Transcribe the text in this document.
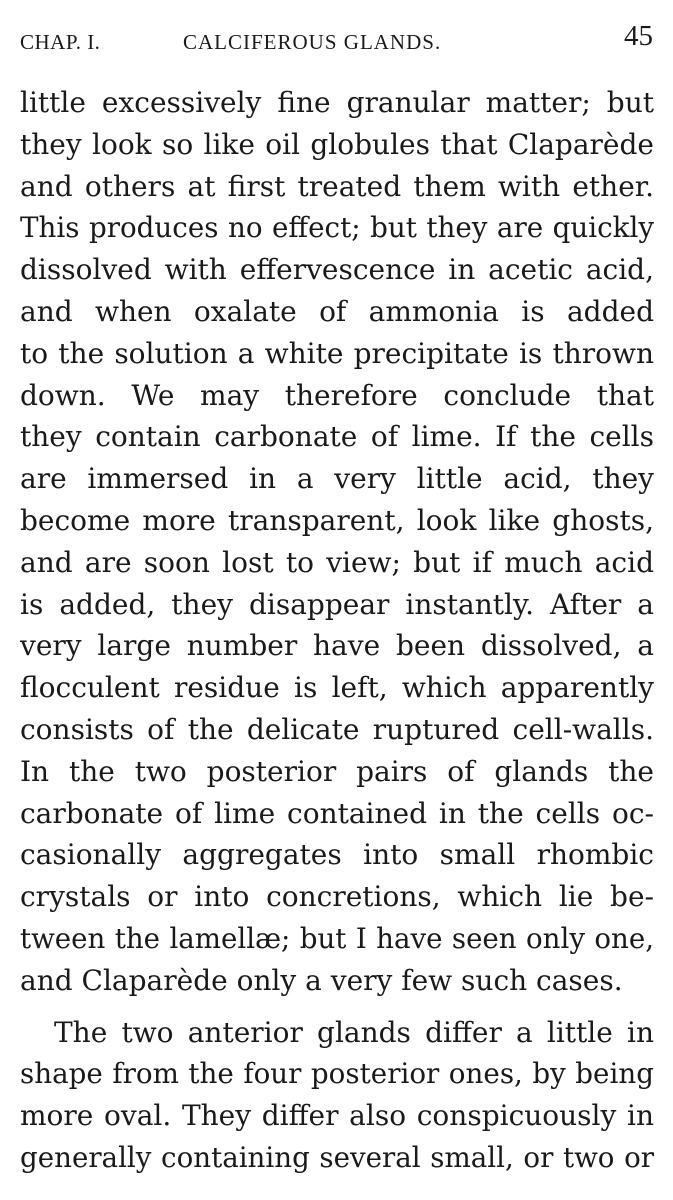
CHAP. I.	CALCIFEROUS GLANDS.	45
little excessively fine granular matter; but
they look so like oil globules that Claparède
and others at first treated them with ether.
This produces no effect; but they are quickly
dissolved with effervescence in acetic acid,
and when oxalate of ammonia is added
to the solution a white precipitate is thrown
down. We may therefore conclude that
they contain carbonate of lime. If the cells
are immersed in a very little acid, they
become more transparent, look like ghosts,
and are soon lost to view; but if much acid
is added, they disappear instantly. After a
very large number have been dissolved, a
flocculent residue is left, which apparently
consists of the delicate ruptured cell-walls.
In the two posterior pairs of glands the
carbonate of lime contained in the cells oc-
casionally aggregates into small rhombic
crystals or into concretions, which lie be-
tween the lamellæ; but I have seen only one,
and Claparède only a very few such cases.
The two anterior glands differ a little in
shape from the four posterior ones, by being
more oval. They differ also conspicuously in
generally containing several small, or two or
